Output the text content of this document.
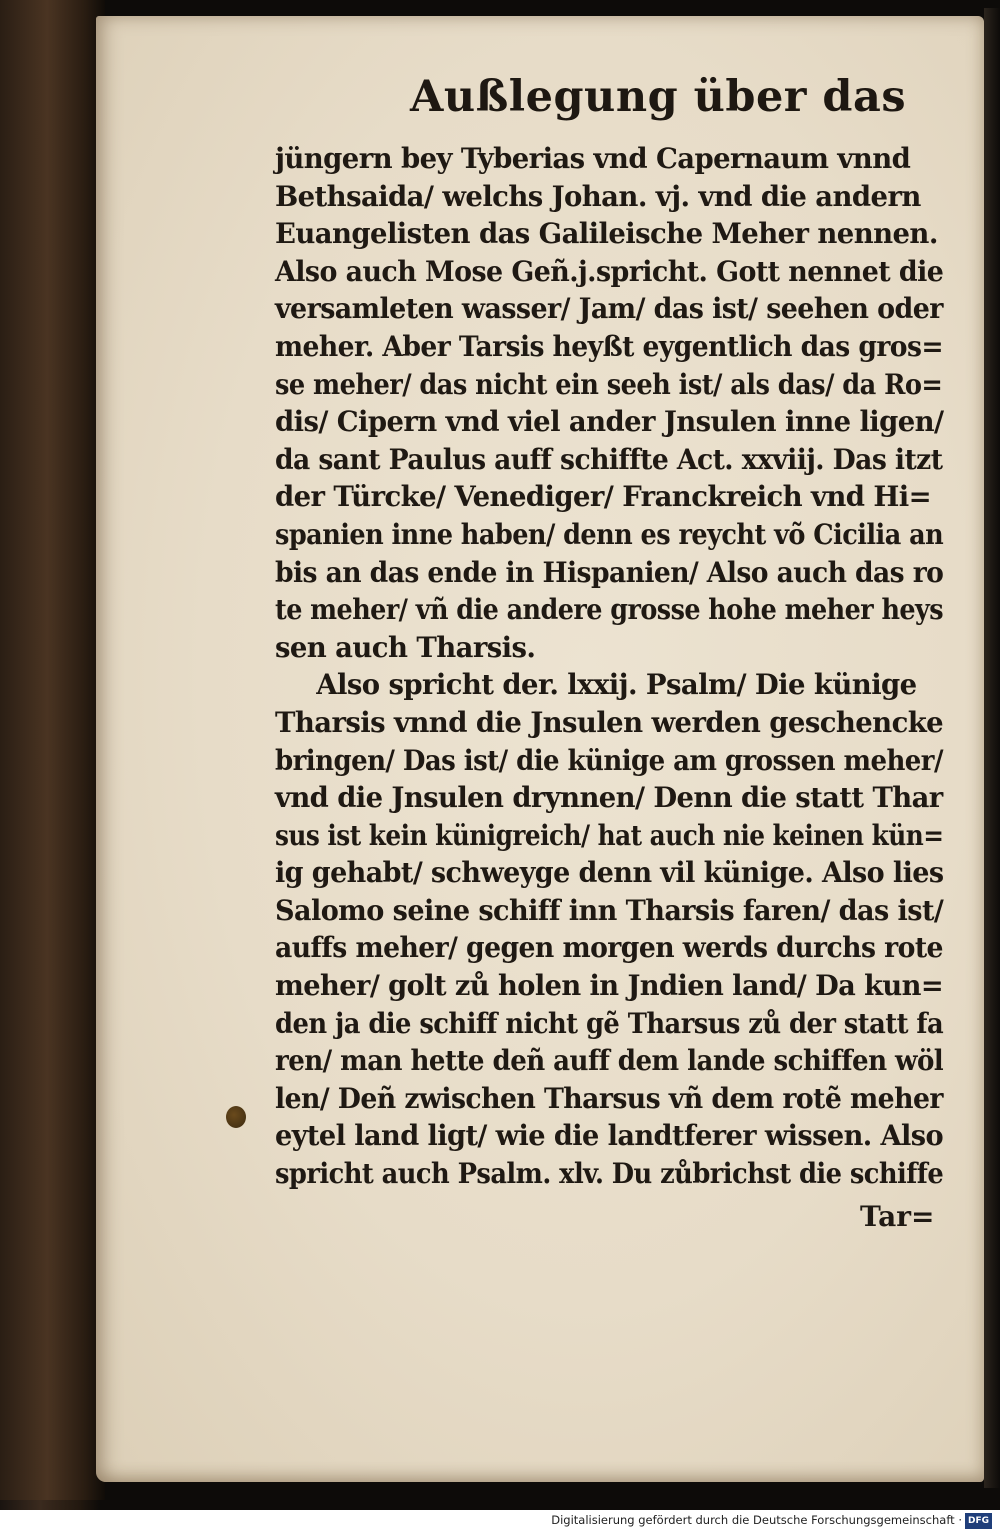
Außlegung über das
jüngern bey Tyberias vnd Capernaum vnnd
Bethsaida/ welchs Johan. vj. vnd die andern
Euangelisten das Galileische Meher nennen.
Also auch Mose Geñ.j.spricht. Gott nennet die
versamleten wasser/ Jam/ das ist/ seehen oder
meher. Aber Tarsis heyßt eygentlich das gros=
se meher/ das nicht ein seeh ist/ als das/ da Ro=
dis/ Cipern vnd viel ander Jnsulen inne ligen/
da sant Paulus auff schiffte Act. xxviij. Das itzt
der Türcke/ Venediger/ Franckreich vnd Hi=
spanien inne haben/ denn es reycht võ Cicilia an
bis an das ende in Hispanien/ Also auch das ro
te meher/ vñ die andere grosse hohe meher heys
sen auch Tharsis.
Also spricht der. lxxij. Psalm/ Die künige
Tharsis vnnd die Jnsulen werden geschencke
bringen/ Das ist/ die künige am grossen meher/
vnd die Jnsulen drynnen/ Denn die statt Thar
sus ist kein künigreich/ hat auch nie keinen kün=
ig gehabt/ schweyge denn vil künige. Also lies
Salomo seine schiff inn Tharsis faren/ das ist/
auffs meher/ gegen morgen werds durchs rote
meher/ golt zů holen in Jndien land/ Da kun=
den ja die schiff nicht gẽ Tharsus zů der statt fa
ren/ man hette deñ auff dem lande schiffen wöl
len/ Deñ zwischen Tharsus vñ dem rotẽ meher
eytel land ligt/ wie die landtferer wissen. Also
spricht auch Psalm. xlv. Du zůbrichst die schiffe
Tar=
Digitalisierung gefördert durch die Deutsche Forschungsgemeinschaft · DFG
